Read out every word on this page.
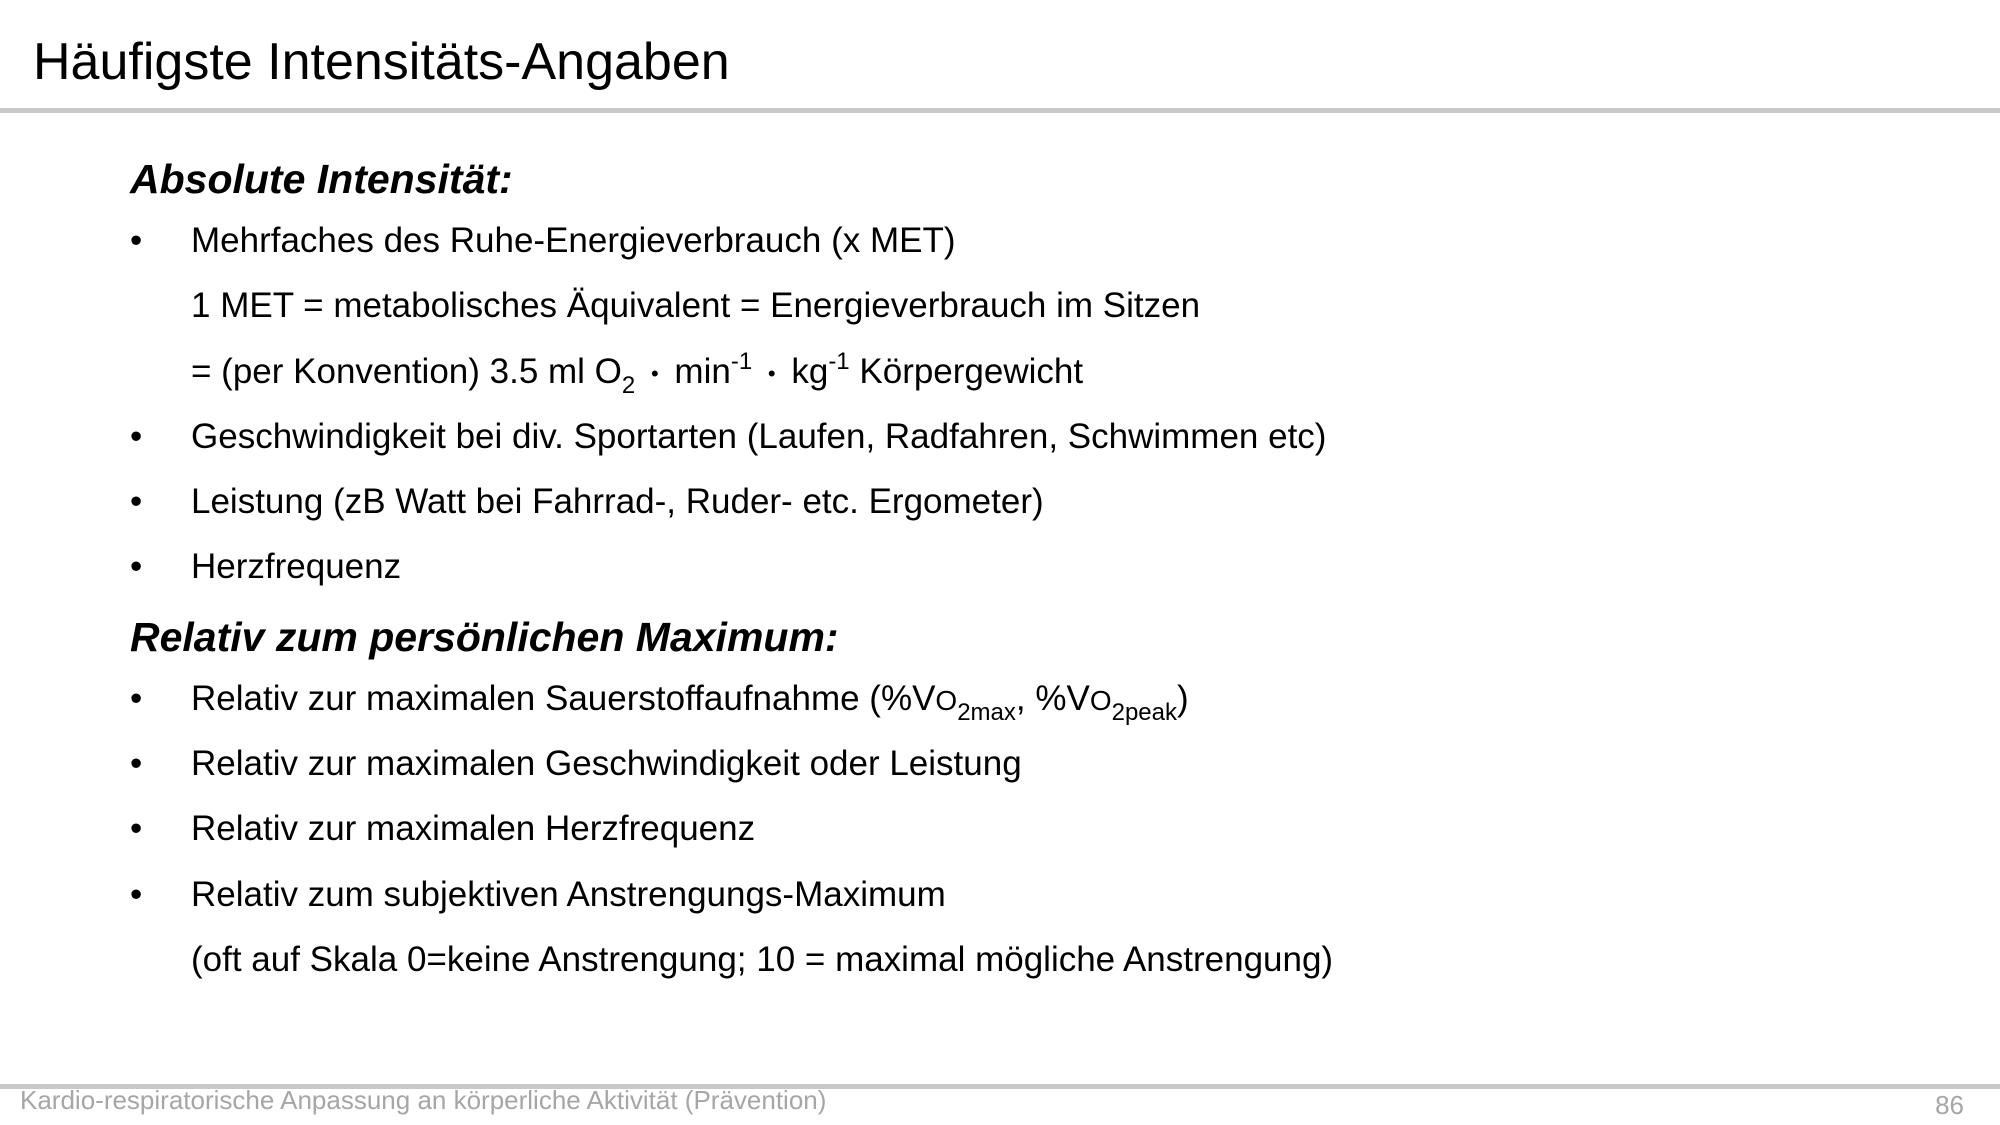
Häufigste Intensitäts-Angaben
Absolute Intensität:
•	Mehrfaches des Ruhe-Energieverbrauch (x MET)
1 MET = metabolisches Äquivalent = Energieverbrauch im Sitzen
= (per Konvention) 3.5 ml $O_2$ • $\min^{-1}$ • $kg^{-1}$ Körpergewicht
•	Geschwindigkeit bei div. Sportarten (Laufen, Radfahren, Schwimmen etc)
•	Leistung (zB Watt bei Fahrrad-, Ruder- etc. Ergometer)
•	Herzfrequenz
Relativ zum persönlichen Maximum:
•	Relativ zur maximalen Sauerstoffaufnahme ($\%VO_{2max}$, $\%VO_{2peak}$)
•	Relativ zur maximalen Geschwindigkeit oder Leistung
•	Relativ zur maximalen Herzfrequenz
•	Relativ zum subjektiven Anstrengungs-Maximum
(oft auf Skala 0=keine Anstrengung; 10 = maximal mögliche Anstrengung)
Kardio-respiratorische Anpassung an körperliche Aktivität (Prävention)	86
